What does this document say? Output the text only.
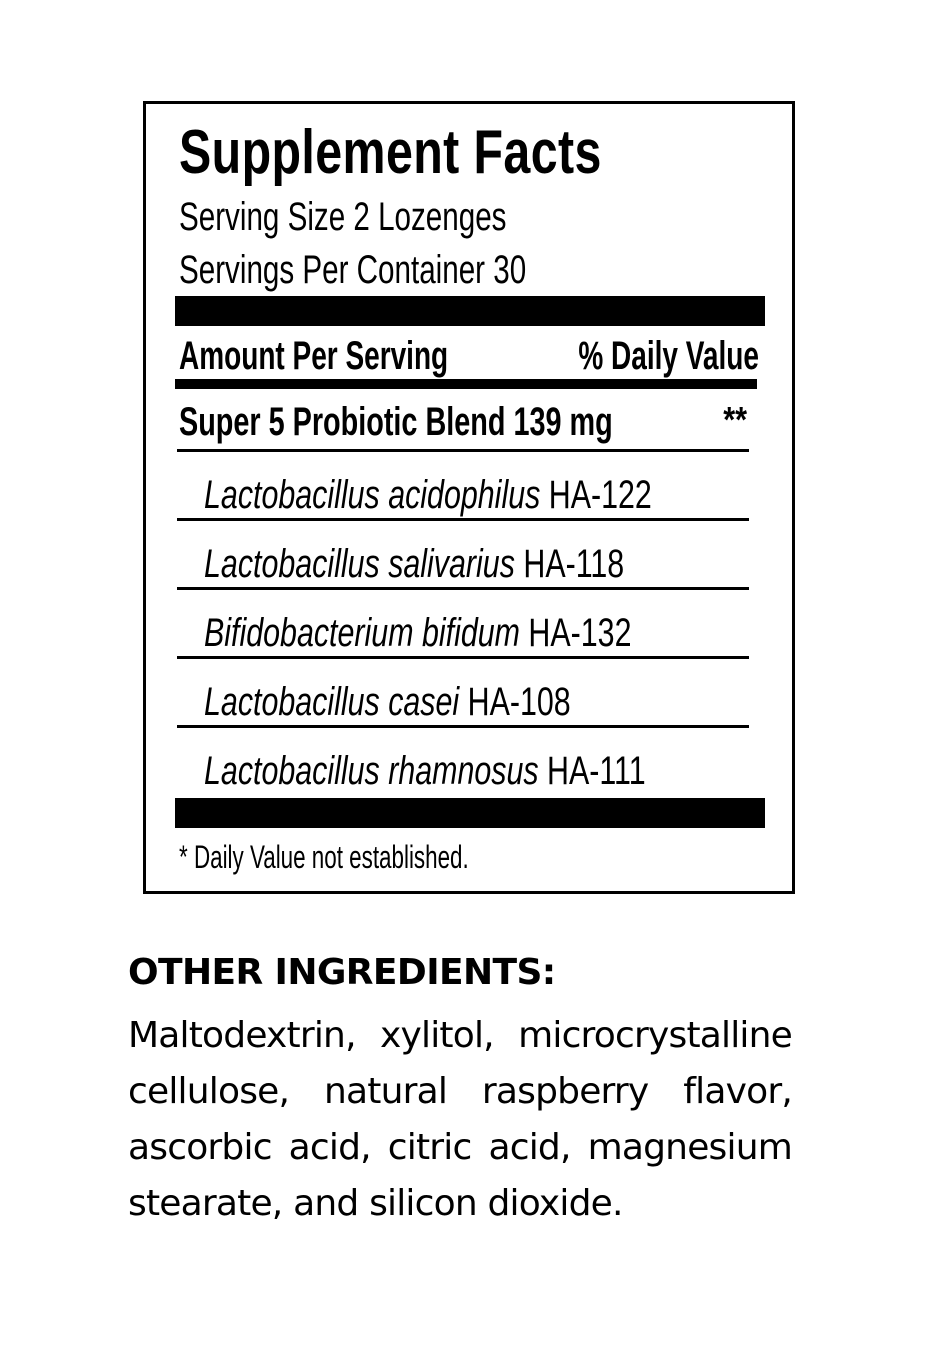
Supplement Facts
Serving Size 2 Lozenges
Servings Per Container 30
Amount Per Serving	% Daily Value
Super 5 Probiotic Blend 139 mg	**
Lactobacillus acidophilus HA-122
Lactobacillus salivarius HA-118
Bifidobacterium bifidum HA-132
Lactobacillus casei HA-108
Lactobacillus rhamnosus HA-111
* Daily Value not established.
OTHER INGREDIENTS:
Maltodextrin, xylitol, microcrystalline cellulose, natural raspberry flavor, ascorbic acid, citric acid, magnesium stearate, and silicon dioxide.
